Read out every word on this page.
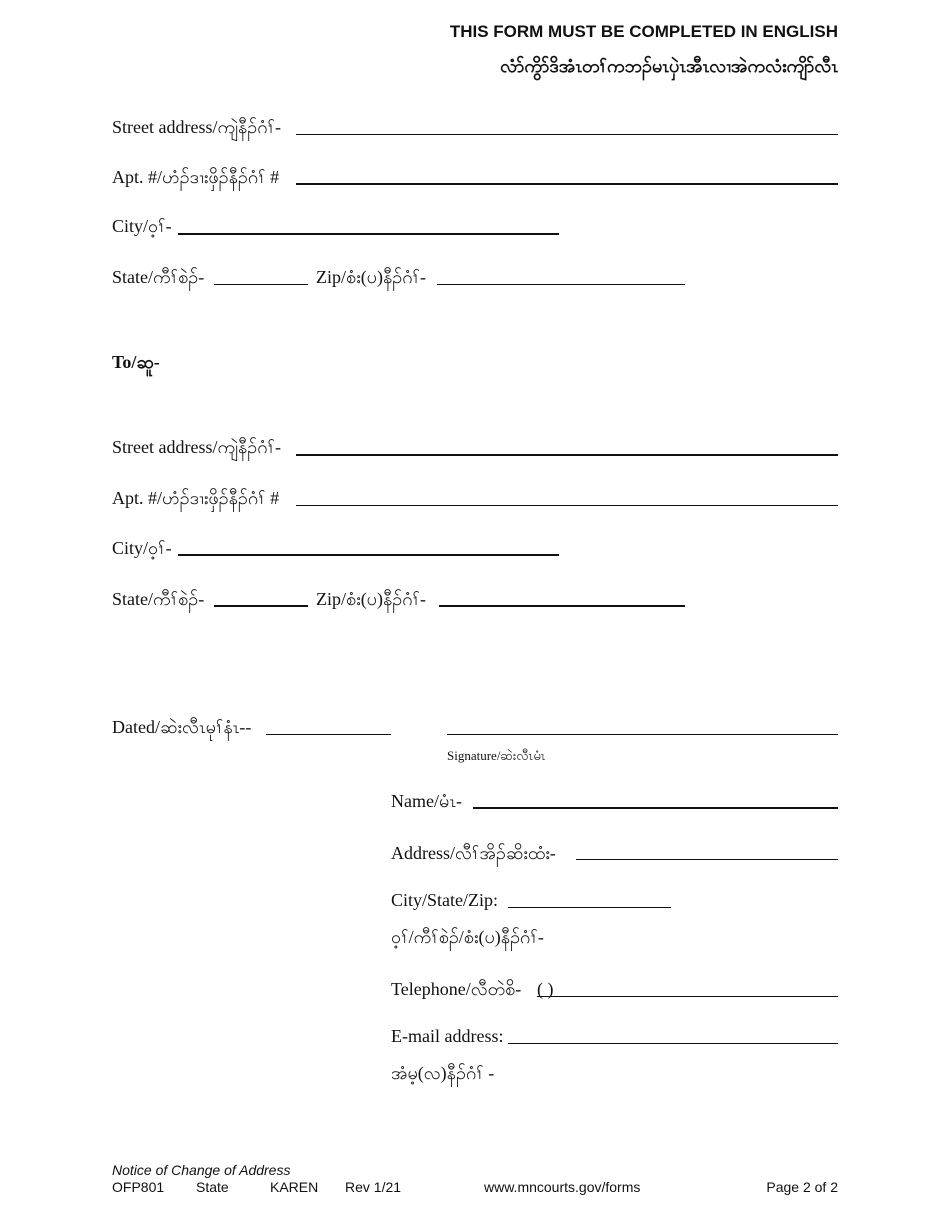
THIS FORM MUST BE COMPLETED IN ENGLISH
လံာ်ကွိာ်ဒိအံၤတၢ်ကဘၣ်မၤပှဲၤအီၤလၢအဲကလံးကျိာ်လီၤ
Street address/ကျဲနီၣ်ဂံၢ်-
Apt. #/ဟံၣ်ဒၢးဖှိၣ်နီၣ်ဂံၢ် #
City/ဝ့ၢ်-
State/ကီၢ်စဲၣ်-	Zip/စံး(ပ)နီၣ်ဂံၢ်-
To/ဆူ-
Street address/ကျဲနီၣ်ဂံၢ်-
Apt. #/ဟံၣ်ဒၢးဖှိၣ်နီၣ်ဂံၢ် #
City/ဝ့ၢ်-
State/ကီၢ်စဲၣ်-	Zip/စံး(ပ)နီၣ်ဂံၢ်-
Dated/ဆဲးလီၤမုၢ်နံၤ--
Signature/ဆဲးလီၤမံၤ
Name/မံၤ-
Address/လီၢ်အိၣ်ဆိးထံး-
City/State/Zip:
ဝ့ၢ်/ကီၢ်စဲၣ်/စံး(ပ)နီၣ်ဂံၢ်-
Telephone/လီတဲစိ- ( )
E-mail address:
အံမ့(လ)နီၣ်ဂံၢ် -
Notice of Change of Address
OFP801 State	KAREN Rev 1/21	www.mncourts.gov/forms	Page 2 of 2
